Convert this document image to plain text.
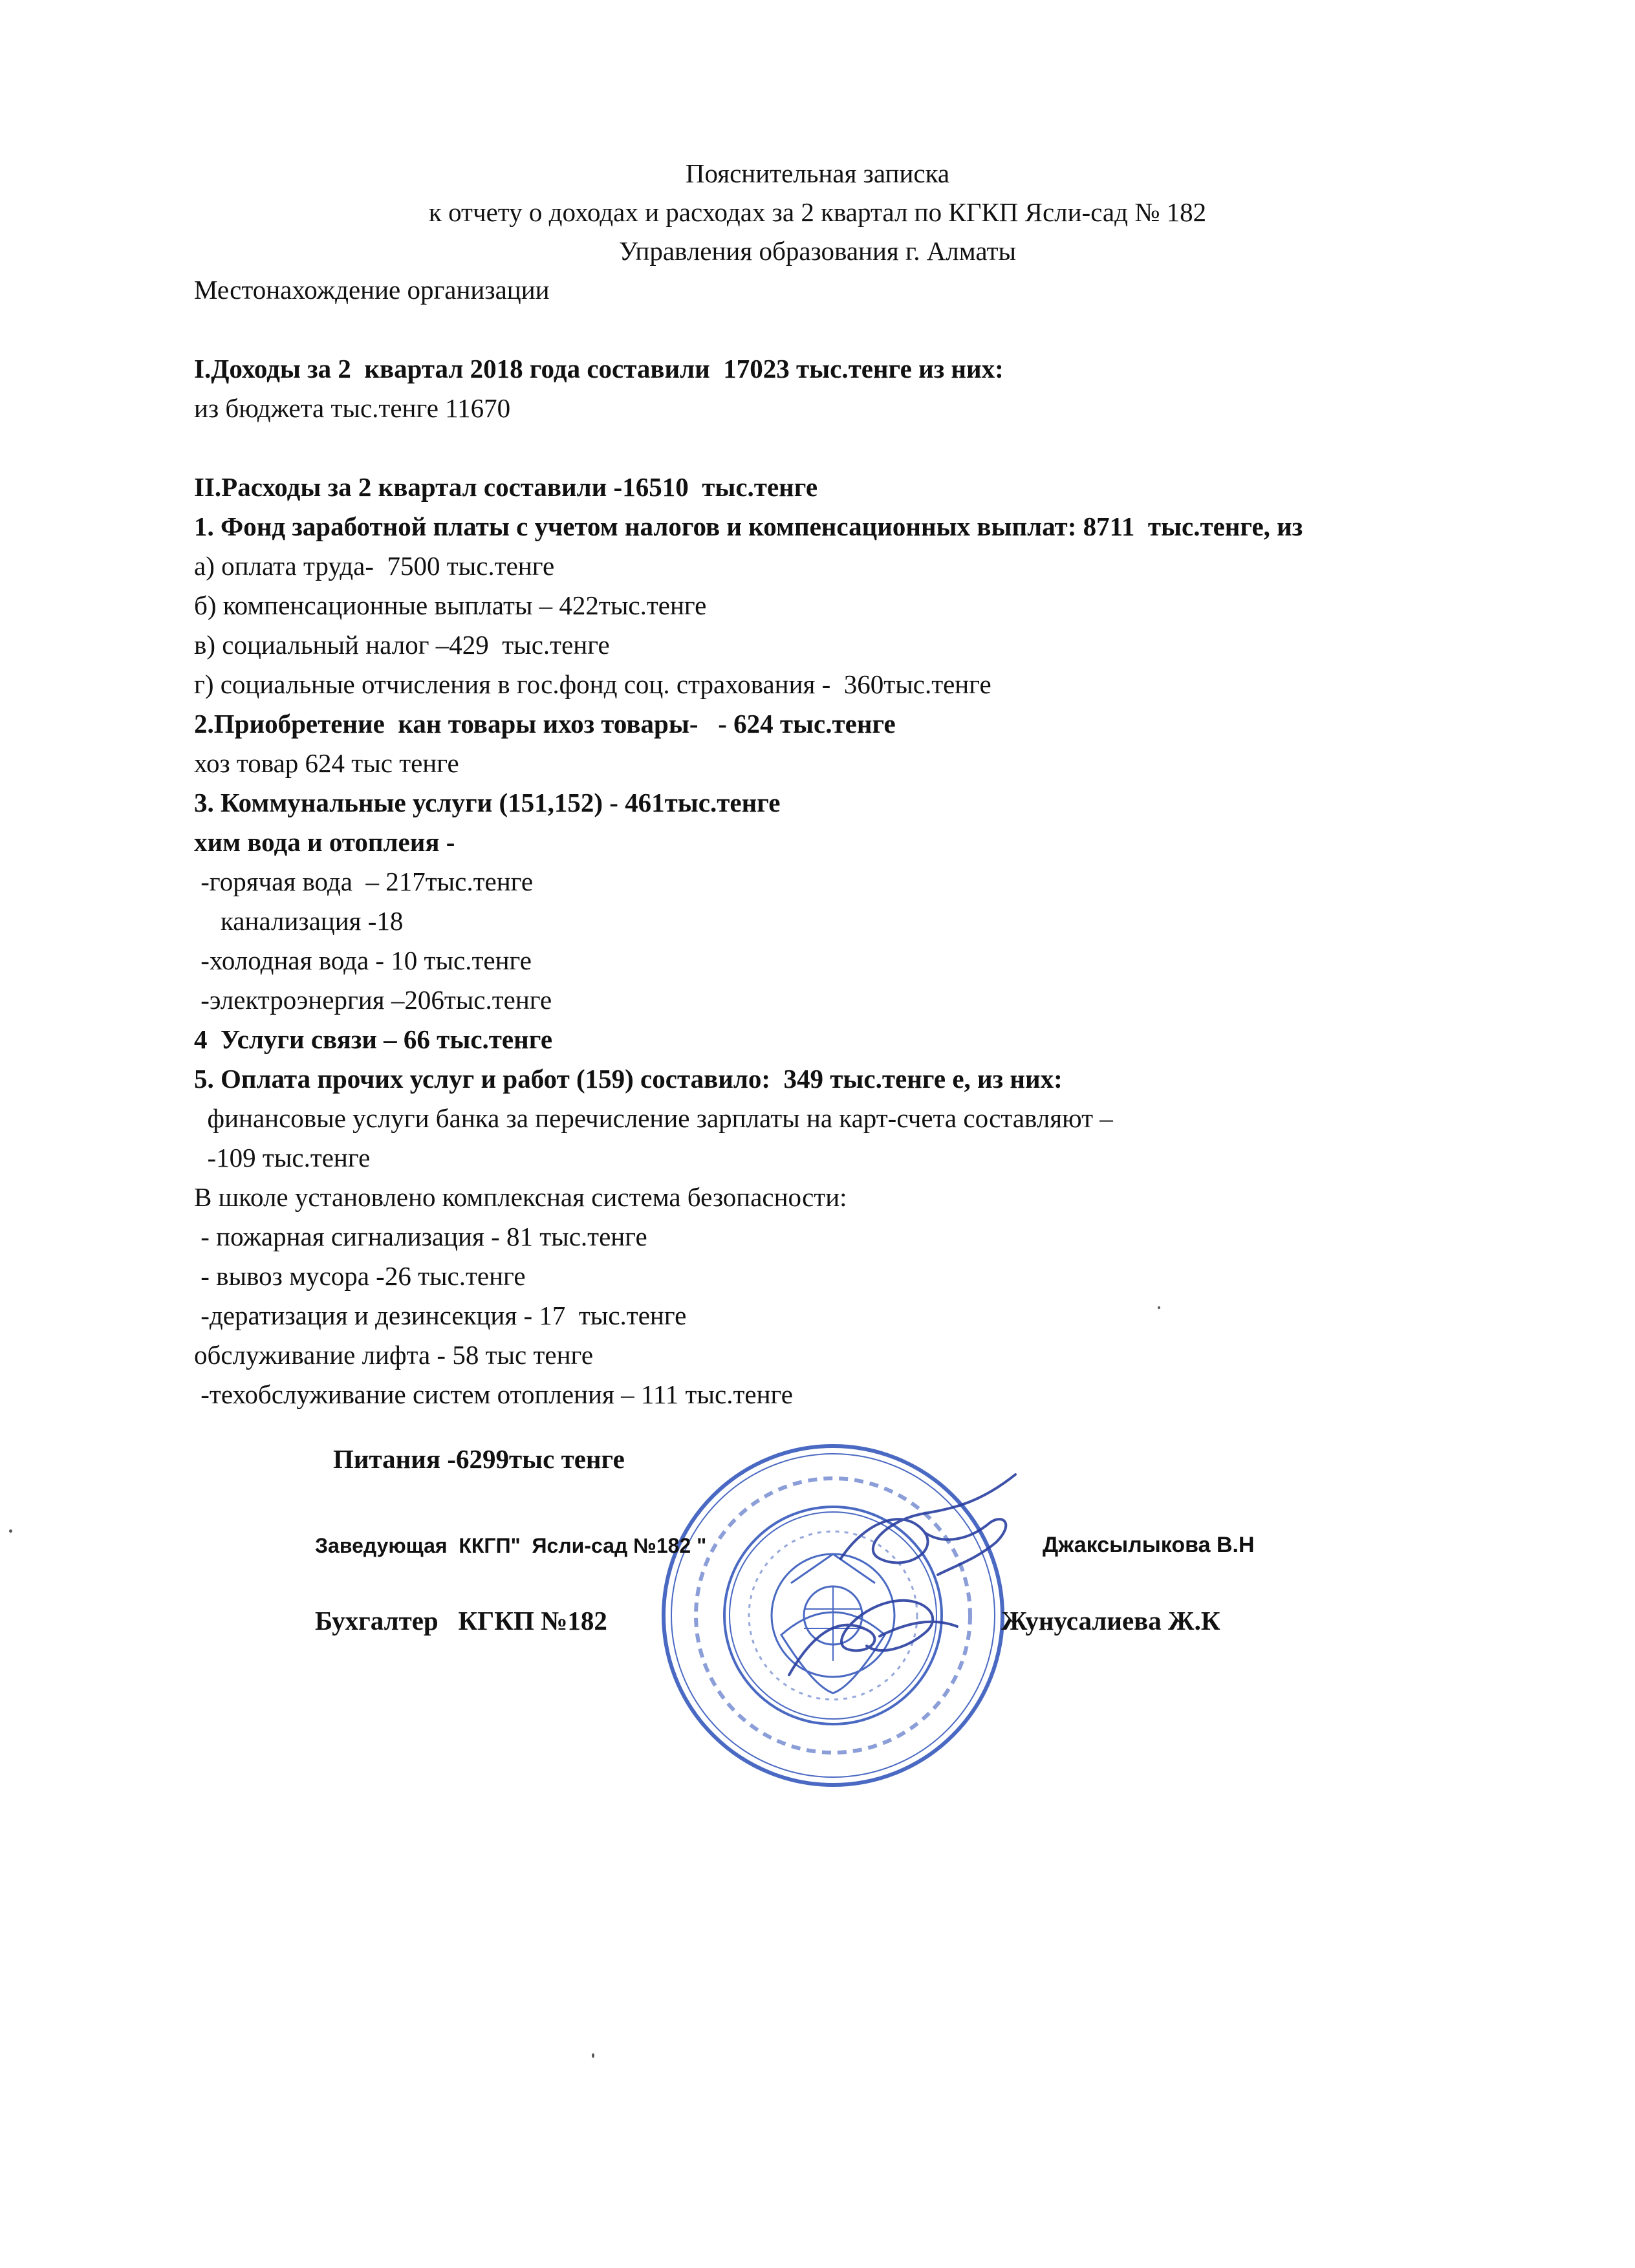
Пояснительная записка
к отчету о доходах и расходах за 2 квартал по КГКП Ясли-сад № 182
Управления образования г. Алматы
Местонахождение организации
I.Доходы за 2  квартал 2018 года составили  17023 тыс.тенге из них:
из бюджета тыс.тенге 11670
II.Расходы за 2 квартал составили -16510  тыс.тенге
1. Фонд заработной платы с учетом налогов и компенсационных выплат: 8711  тыс.тенге, из
а) оплата труда-  7500 тыс.тенге
б) компенсационные выплаты – 422тыс.тенге
в) социальный налог –429  тыс.тенге
г) социальные отчисления в гос.фонд соц. страхования -  360тыс.тенге
2.Приобретение  кан товары ихоз товары-   - 624 тыс.тенге
хоз товар 624 тыс тенге
3. Коммунальные услуги (151,152) - 461тыс.тенге
хим вода и отоплеия -
-горячая вода  – 217тыс.тенге
канализация -18
-холодная вода - 10 тыс.тенге
-электроэнергия –206тыс.тенге
4  Услуги связи – 66 тыс.тенге
5. Оплата прочих услуг и работ (159) составило:  349 тыс.тенге е, из них:
финансовые услуги банка за перечисление зарплаты на карт-счета составляют –
-109 тыс.тенге
В школе установлено комплексная система безопасности:
- пожарная сигнализация - 81 тыс.тенге
- вывоз мусора -26 тыс.тенге
-дератизация и дезинсекция - 17  тыс.тенге
обслуживание лифта - 58 тыс тенге
-техобслуживание систем отопления – 111 тыс.тенге
Питания -6299тыс тенге
Заведующая  ККГП"  Ясли-сад №182 "	Джаксылыкова В.Н
Бухгалтер   КГКП №182	Жунусалиева Ж.К
